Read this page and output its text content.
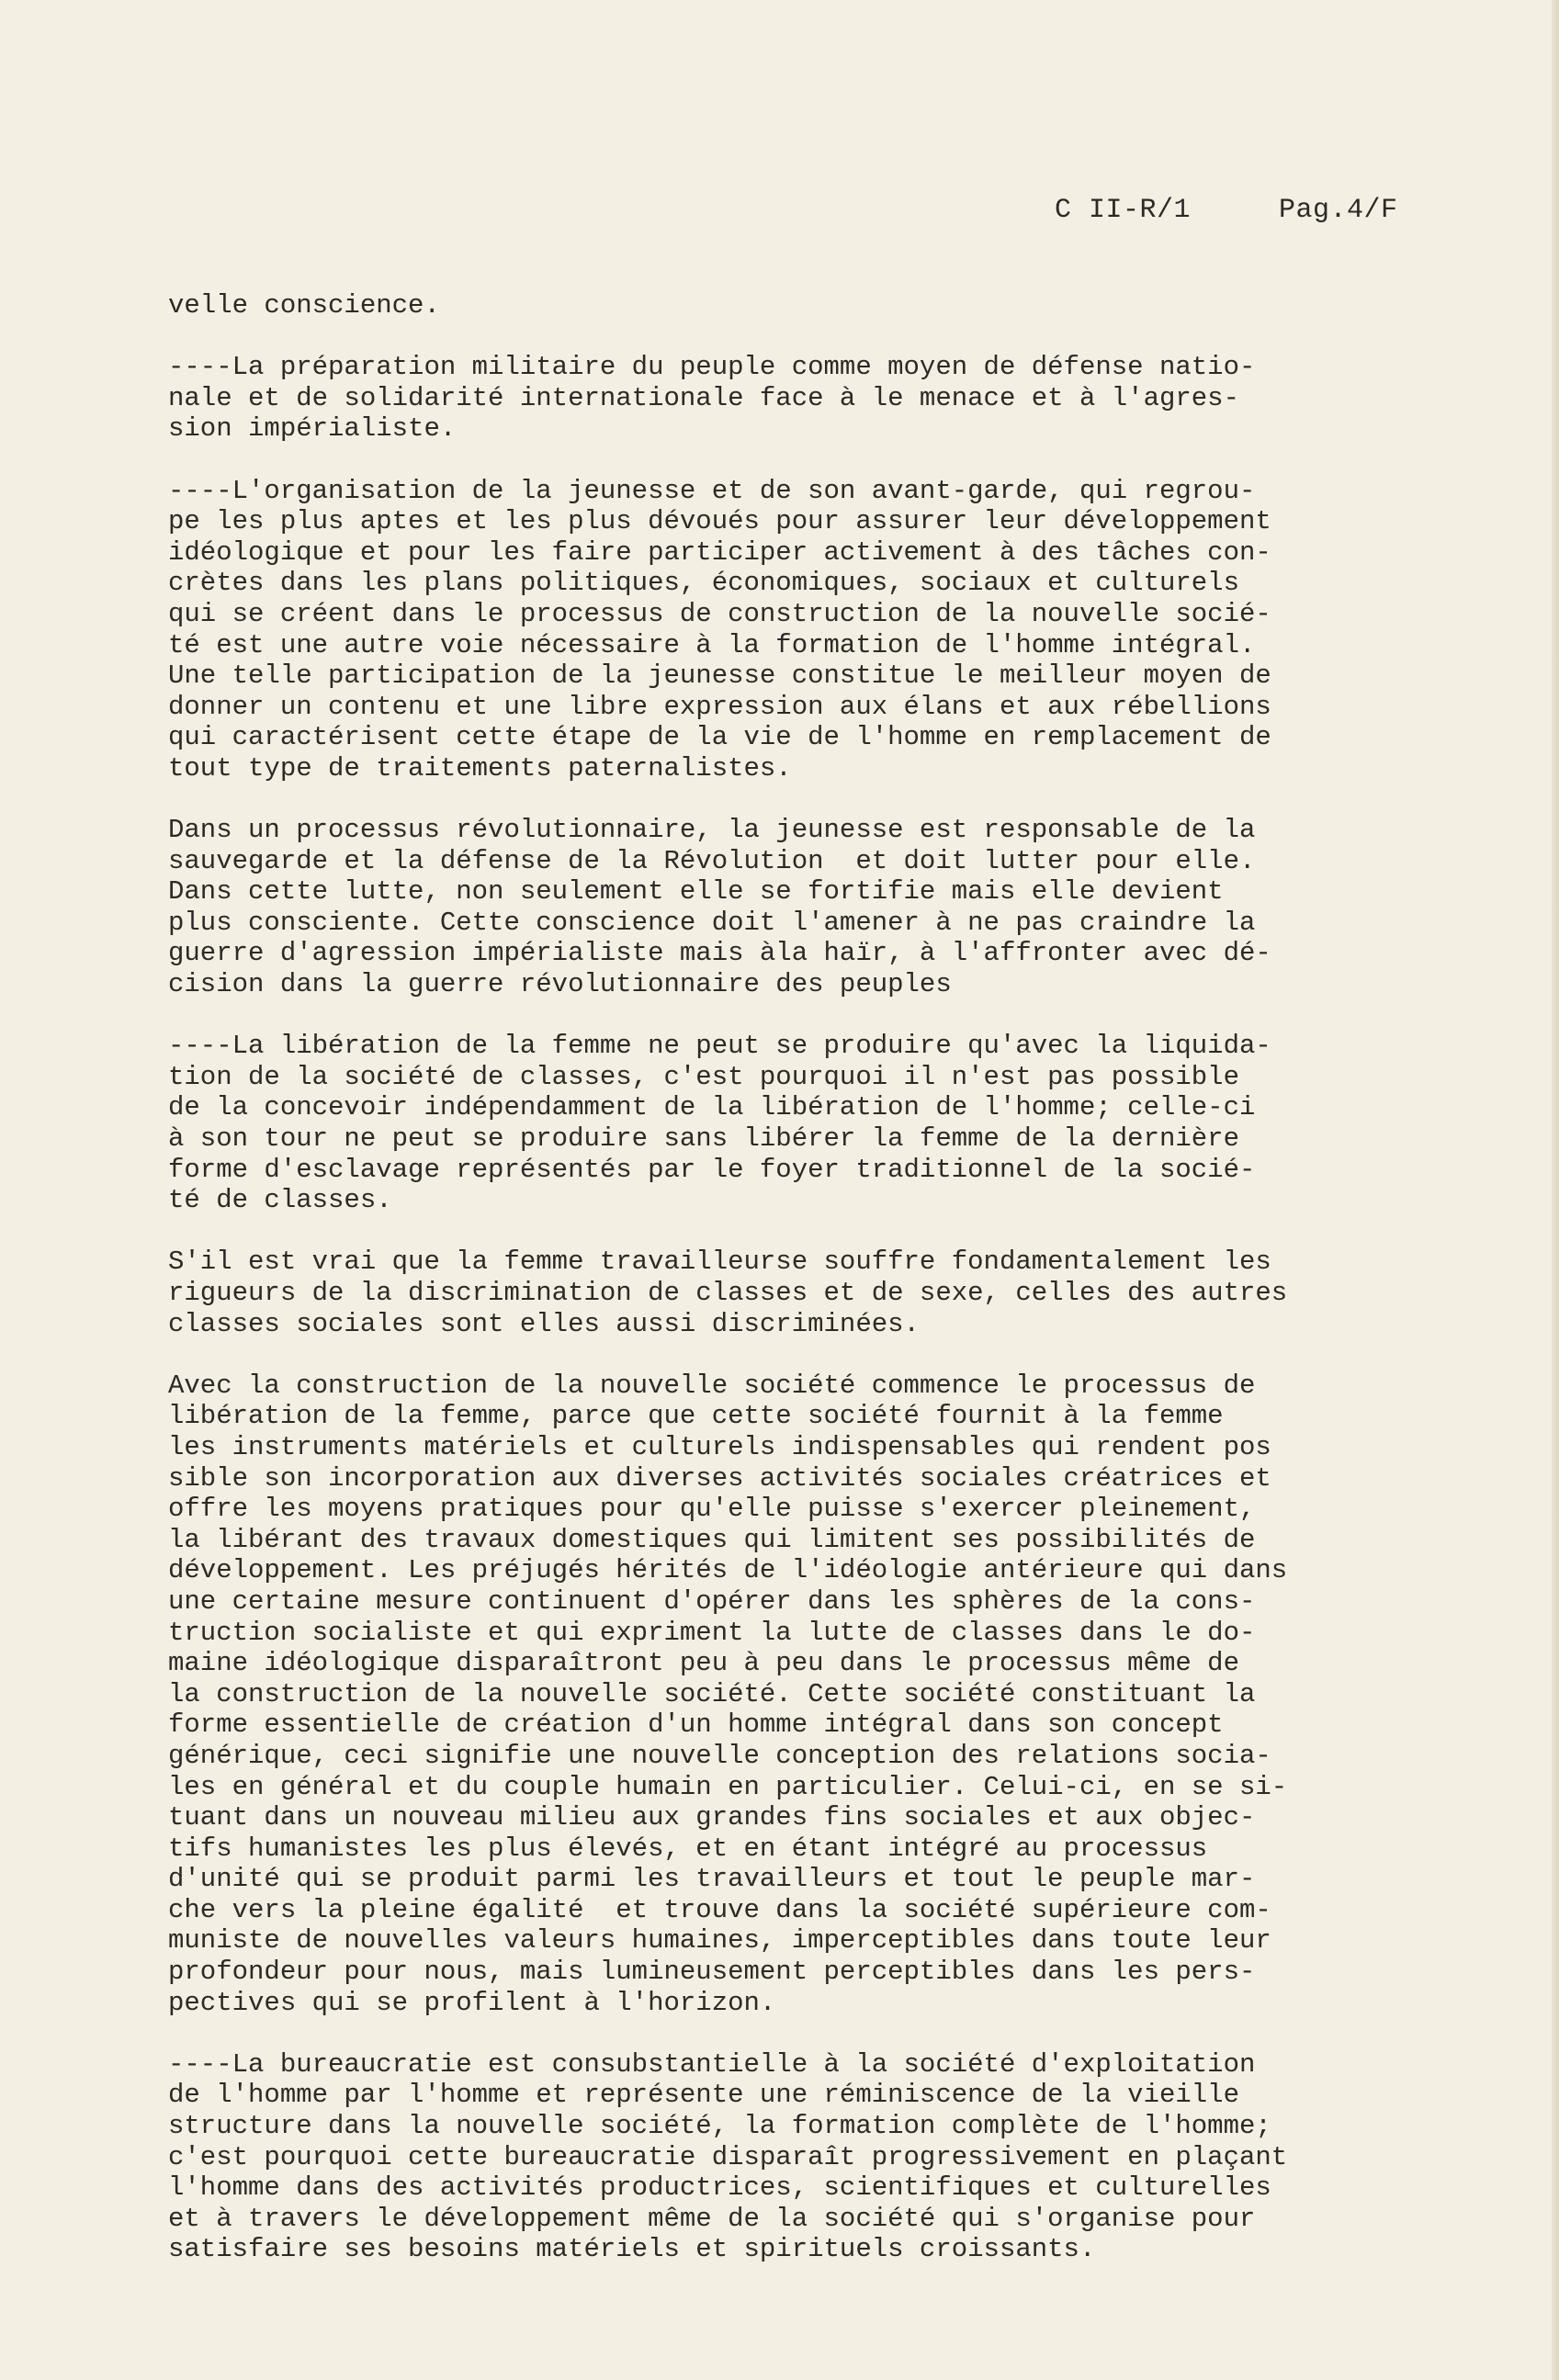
C II-R/1	Pag.4/F
velle conscience.
----La préparation militaire du peuple comme moyen de défense natio-
nale et de solidarité internationale face à le menace et à l'agres-
sion impérialiste.
----L'organisation de la jeunesse et de son avant-garde, qui regrou-
pe les plus aptes et les plus dévoués pour assurer leur développement
idéologique et pour les faire participer activement à des tâches con-
crètes dans les plans politiques, économiques, sociaux et culturels
qui se créent dans le processus de construction de la nouvelle socié-
té est une autre voie nécessaire à la formation de l'homme intégral.
Une telle participation de la jeunesse constitue le meilleur moyen de
donner un contenu et une libre expression aux élans et aux rébellions
qui caractérisent cette étape de la vie de l'homme en remplacement de
tout type de traitements paternalistes.
Dans un processus révolutionnaire, la jeunesse est responsable de la
sauvegarde et la défense de la Révolution  et doit lutter pour elle.
Dans cette lutte, non seulement elle se fortifie mais elle devient
plus consciente. Cette conscience doit l'amener à ne pas craindre la
guerre d'agression impérialiste mais àla haïr, à l'affronter avec dé-
cision dans la guerre révolutionnaire des peuples
----La libération de la femme ne peut se produire qu'avec la liquida-
tion de la société de classes, c'est pourquoi il n'est pas possible
de la concevoir indépendamment de la libération de l'homme; celle-ci
à son tour ne peut se produire sans libérer la femme de la dernière
forme d'esclavage représentés par le foyer traditionnel de la socié-
té de classes.
S'il est vrai que la femme travailleurse souffre fondamentalement les
rigueurs de la discrimination de classes et de sexe, celles des autres
classes sociales sont elles aussi discriminées.
Avec la construction de la nouvelle société commence le processus de
libération de la femme, parce que cette société fournit à la femme
les instruments matériels et culturels indispensables qui rendent pos
sible son incorporation aux diverses activités sociales créatrices et
offre les moyens pratiques pour qu'elle puisse s'exercer pleinement,
la libérant des travaux domestiques qui limitent ses possibilités de
développement. Les préjugés hérités de l'idéologie antérieure qui dans
une certaine mesure continuent d'opérer dans les sphères de la cons-
truction socialiste et qui expriment la lutte de classes dans le do-
maine idéologique disparaîtront peu à peu dans le processus même de
la construction de la nouvelle société. Cette société constituant la
forme essentielle de création d'un homme intégral dans son concept
générique, ceci signifie une nouvelle conception des relations socia-
les en général et du couple humain en particulier. Celui-ci, en se si-
tuant dans un nouveau milieu aux grandes fins sociales et aux objec-
tifs humanistes les plus élevés, et en étant intégré au processus
d'unité qui se produit parmi les travailleurs et tout le peuple mar-
che vers la pleine égalité  et trouve dans la société supérieure com-
muniste de nouvelles valeurs humaines, imperceptibles dans toute leur
profondeur pour nous, mais lumineusement perceptibles dans les pers-
pectives qui se profilent à l'horizon.
----La bureaucratie est consubstantielle à la société d'exploitation
de l'homme par l'homme et représente une réminiscence de la vieille
structure dans la nouvelle société, la formation complète de l'homme;
c'est pourquoi cette bureaucratie disparaît progressivement en plaçant
l'homme dans des activités productrices, scientifiques et culturelles
et à travers le développement même de la société qui s'organise pour
satisfaire ses besoins matériels et spirituels croissants.
